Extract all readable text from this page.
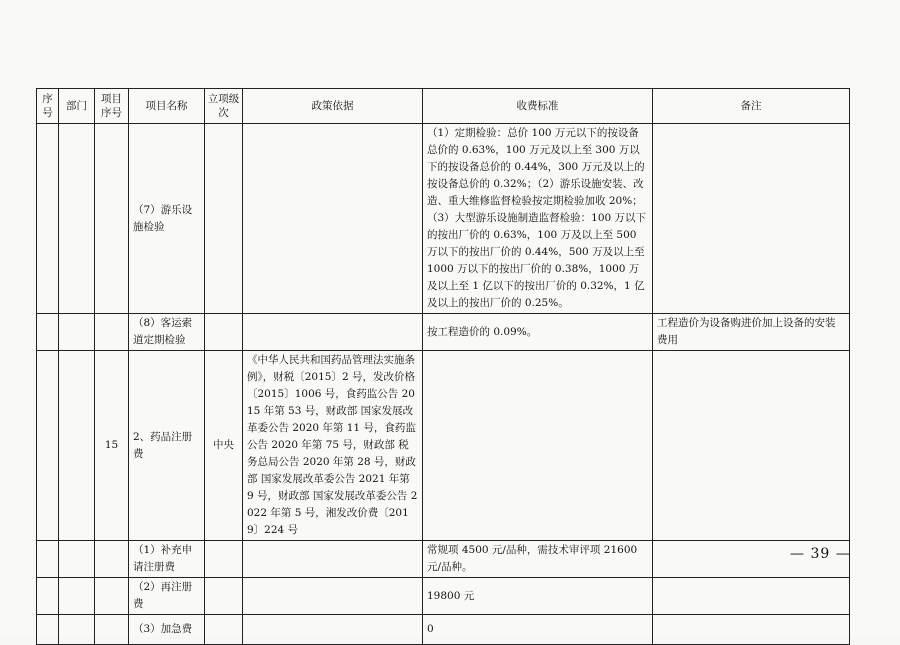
序号	部门	项目序号	项目名称	立项级次	政策依据	收费标准	备注
			（7）游乐设施检验			（1）定期检验：总价 100 万元以下的按设备总价的 0.63%，100 万元及以上至 300 万以下的按设备总价的 0.44%，300 万元及以上的按设备总价的 0.32%；（2）游乐设施安装、改造、重大维修监督检验按定期检验加收 20%；（3）大型游乐设施制造监督检验：100 万以下的按出厂价的 0.63%，100 万及以上至 500 万以下的按出厂价的 0.44%，500 万及以上至 1000 万以下的按出厂价的 0.38%，1000 万及以上至 1 亿以下的按出厂价的 0.32%，1 亿及以上的按出厂价的 0.25%。	
			（8）客运索道定期检验			按工程造价的 0.09%。	工程造价为设备购进价加上设备的安装费用
		15	2、药品注册费	中央	《中华人民共和国药品管理法实施条例》，财税〔2015〕2 号，发改价格〔2015〕1006 号，食药监公告 2015 年第 53 号，财政部 国家发展改革委公告 2020 年第 11 号，食药监公告 2020 年第 75 号，财政部 税务总局公告 2020 年第 28 号，财政部 国家发展改革委公告 2021 年第 9 号，财政部 国家发展改革委公告 2022 年第 5 号，湘发改价费〔2019〕224 号		
			（1）补充申请注册费			常规项 4500 元/品种，需技术审评项 21600 元/品种。	
			（2）再注册费			19800 元	
			（3）加急费			0	
— 39 —
